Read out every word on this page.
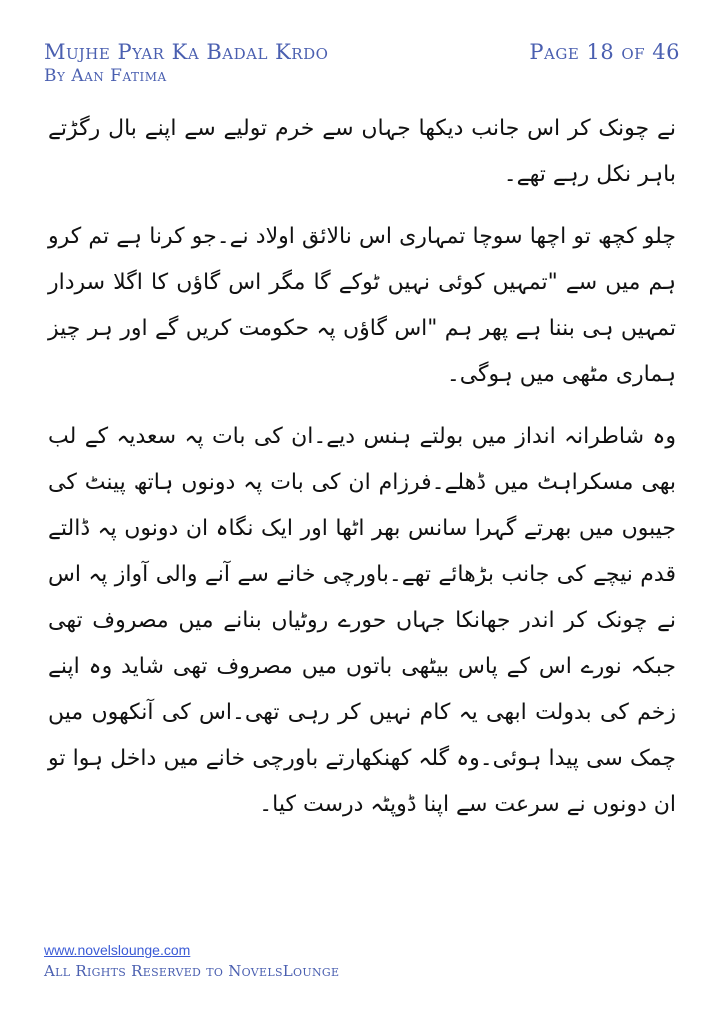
Mujhe Pyar Ka Badal Krdo
By Aan Fatima
Page 18 of 46

نے چونک کر اس جانب دیکھا جہاں سے خرم تولیے سے اپنے بال رگڑتے باہر نکل رہے تھے۔

چلو کچھ تو اچھا سوچا تمہاری اس نالائق اولاد نے۔جو کرنا ہے تم کرو ہم میں سے "تمہیں کوئی نہیں ٹوکے گا مگر اس گاؤں کا اگلا سردار تمہیں ہی بننا ہے پھر ہم "اس گاؤں پہ حکومت کریں گے اور ہر چیز ہماری مٹھی میں ہوگی۔

وہ شاطرانہ انداز میں بولتے ہنس دیے۔ان کی بات پہ سعدیہ کے لب بھی مسکراہٹ میں ڈھلے۔فرزام ان کی بات پہ دونوں ہاتھ پینٹ کی جیبوں میں بھرتے گہرا سانس بھر اٹھا اور ایک نگاہ ان دونوں پہ ڈالتے قدم نیچے کی جانب بڑھائے تھے۔باورچی خانے سے آنے والی آواز پہ اس نے چونک کر اندر جھانکا جہاں حورے روٹیاں بنانے میں مصروف تھی جبکہ نورے اس کے پاس بیٹھی باتوں میں مصروف تھی شاید وہ اپنے زخم کی بدولت ابھی یہ کام نہیں کر رہی تھی۔اس کی آنکھوں میں چمک سی پیدا ہوئی۔وہ گلہ کھنکھارتے باورچی خانے میں داخل ہوا تو ان دونوں نے سرعت سے اپنا ڈوپٹہ درست کیا۔

www.novelslounge.com
All Rights Reserved to NovelsLounge
